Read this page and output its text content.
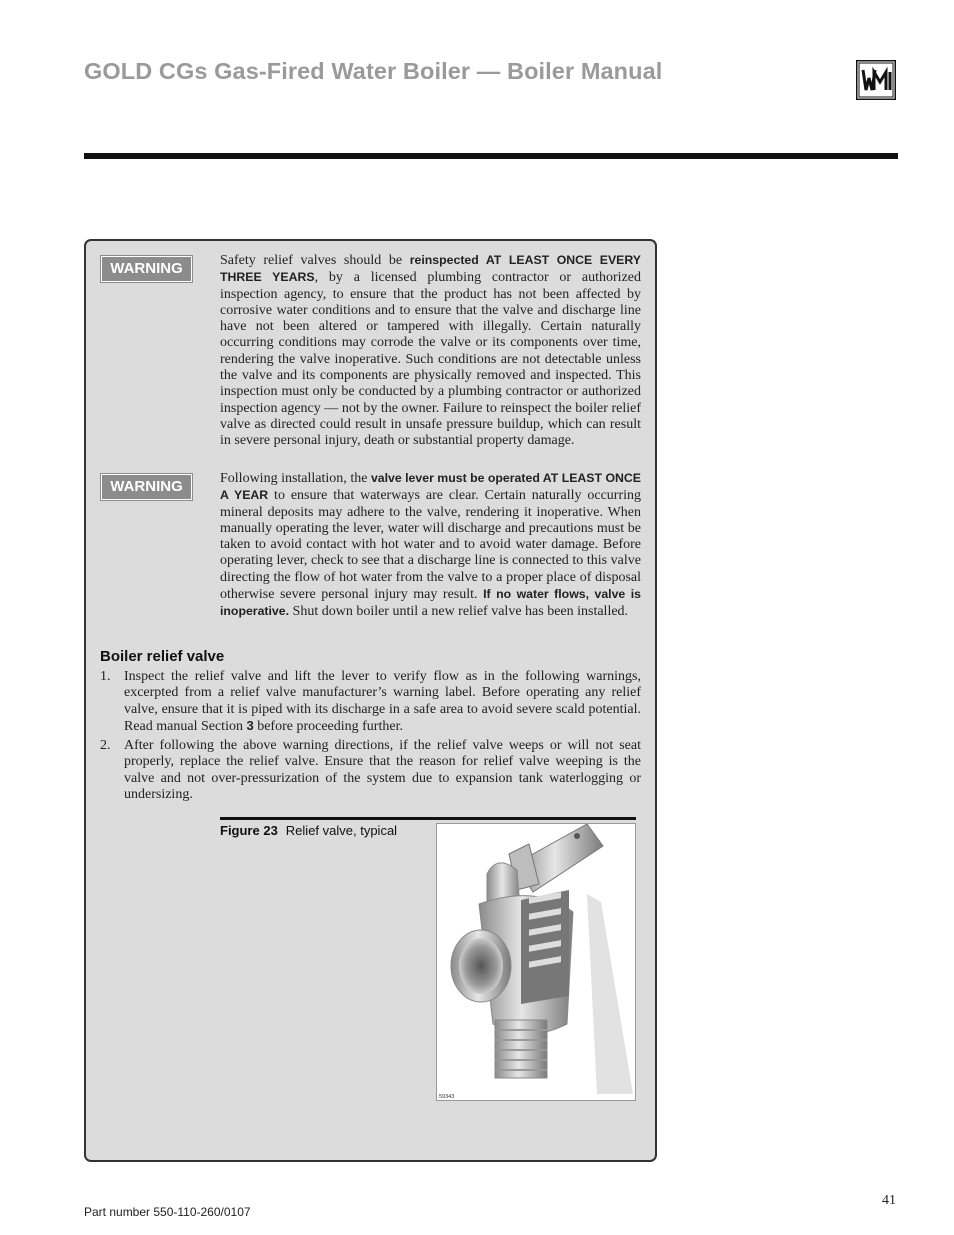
GOLD CGs Gas-Fired Water Boiler — Boiler Manual
WARNING	Safety relief valves should be reinspected AT LEAST ONCE EVERY THREE YEARS, by a licensed plumbing contractor or authorized inspection agency, to ensure that the product has not been affected by corrosive water conditions and to ensure that the valve and discharge line have not been altered or tampered with illegally. Certain naturally occurring conditions may corrode the valve or its components over time, rendering the valve inoperative. Such conditions are not detectable unless the valve and its components are physically removed and inspected. This inspection must only be conducted by a plumbing contractor or authorized inspection agency — not by the owner. Failure to reinspect the boiler relief valve as directed could result in unsafe pressure buildup, which can result in severe personal injury, death or substantial property damage.
WARNING	Following installation, the valve lever must be operated AT LEAST ONCE A YEAR to ensure that waterways are clear. Certain naturally occurring mineral deposits may adhere to the valve, rendering it inoperative. When manually operating the lever, water will discharge and precautions must be taken to avoid contact with hot water and to avoid water damage. Before operating lever, check to see that a discharge line is connected to this valve directing the flow of hot water from the valve to a proper place of disposal otherwise severe personal injury may result. If no water flows, valve is inoperative. Shut down boiler until a new relief valve has been installed.
Boiler relief valve
1. Inspect the relief valve and lift the lever to verify flow as in the following warnings, excerpted from a relief valve manufacturer’s warning label. Before operating any relief valve, ensure that it is piped with its discharge in a safe area to avoid severe scald potential. Read manual Section 3 before proceeding further.
2. After following the above warning directions, if the relief valve weeps or will not seat properly, replace the relief valve. Ensure that the reason for relief valve weeping is the valve and not over-pressurization of the system due to expansion tank waterlogging or undersizing.
Figure 23 Relief valve, typical
59343
Part number 550-110-260/0107
41
